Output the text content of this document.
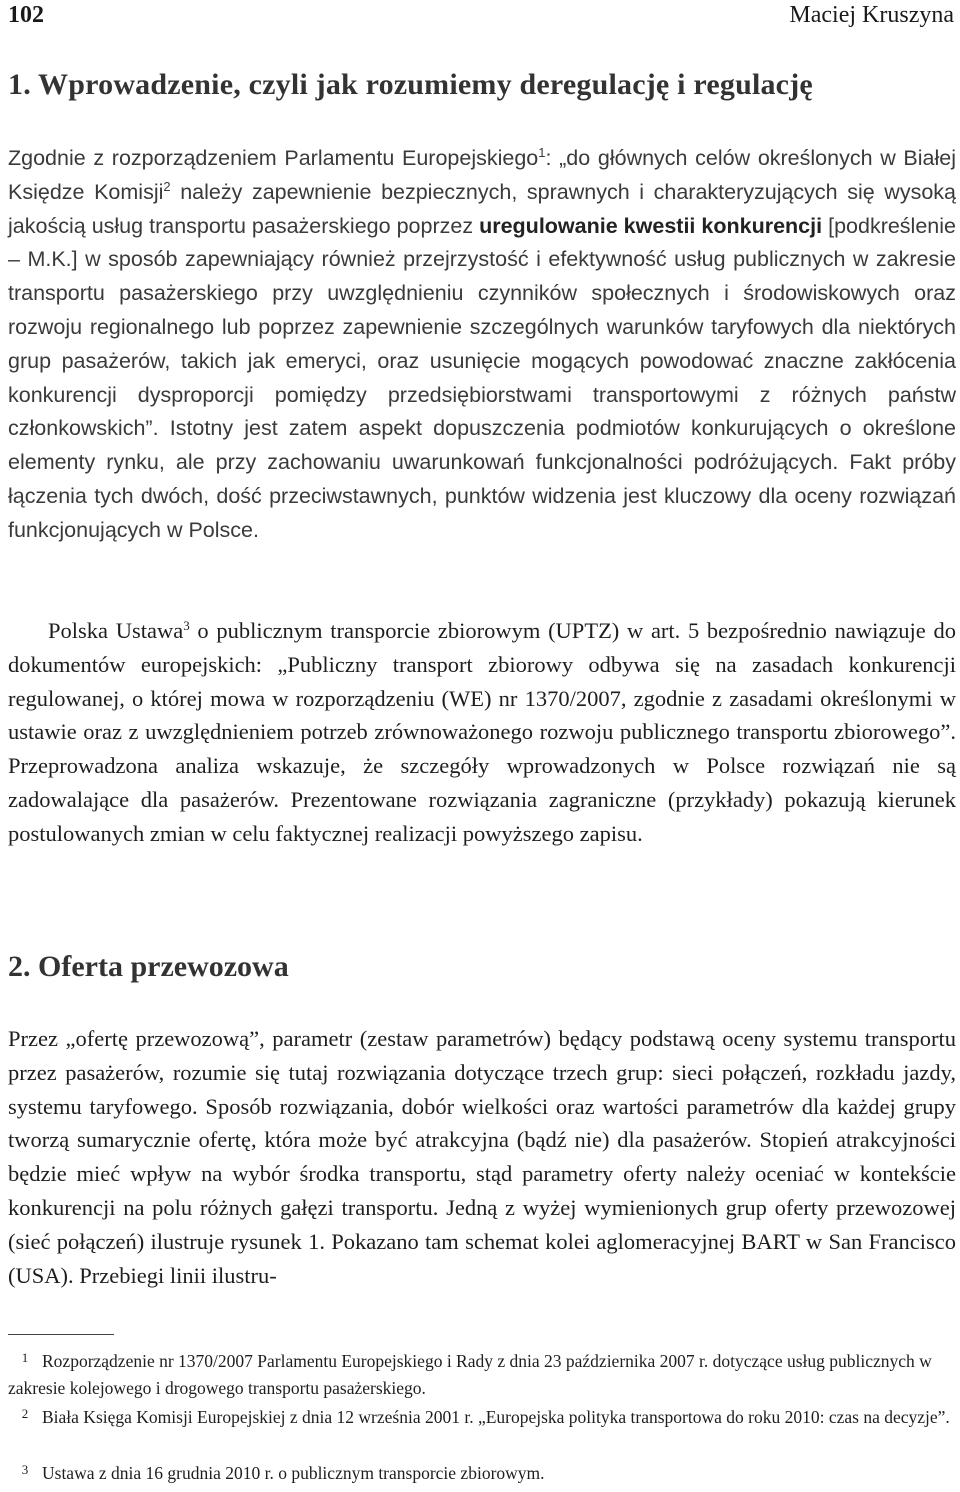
102	Maciej Kruszyna
1. Wprowadzenie, czyli jak rozumiemy deregulację i regulację

Zgodnie z rozporządzeniem Parlamentu Europejskiego$^1$: „do głównych celów określonych w Białej Księdze Komisji$^2$ należy zapewnienie bezpiecznych, sprawnych i charakteryzujących się wysoką jakością usług transportu pasażerskiego poprzez uregulowanie kwestii konkurencji [podkreślenie – M.K.] w sposób zapewniający również przejrzystość i efektywność usług publicznych w zakresie transportu pasażerskiego przy uwzględnieniu czynników społecznych i środowiskowych oraz rozwoju regionalnego lub poprzez zapewnienie szczególnych warunków taryfowych dla niektórych grup pasażerów, takich jak emeryci, oraz usunięcie mogących powodować znaczne zakłócenia konkurencji dysproporcji pomiędzy przedsiębiorstwami transportowymi z różnych państw członkowskich”. Istotny jest zatem aspekt dopuszczenia podmiotów konkurujących o określone elementy rynku, ale przy zachowaniu uwarunkowań funkcjonalności podróżujących. Fakt próby łączenia tych dwóch, dość przeciwstawnych, punktów widzenia jest kluczowy dla oceny rozwiązań funkcjonujących w Polsce.

Polska Ustawa$^3$ o publicznym transporcie zbiorowym (UPTZ) w art. 5 bezpośrednio nawiązuje do dokumentów europejskich: „Publiczny transport zbiorowy odbywa się na zasadach konkurencji regulowanej, o której mowa w rozporządzeniu (WE) nr 1370/2007, zgodnie z zasadami określonymi w ustawie oraz z uwzględnieniem potrzeb zrównoważonego rozwoju publicznego transportu zbiorowego”. Przeprowadzona analiza wskazuje, że szczegóły wprowadzonych w Polsce rozwiązań nie są zadowalające dla pasażerów. Prezentowane rozwiązania zagraniczne (przykłady) pokazują kierunek postulowanych zmian w celu faktycznej realizacji powyższego zapisu.

2. Oferta przewozowa

Przez „ofertę przewozową”, parametr (zestaw parametrów) będący podstawą oceny systemu transportu przez pasażerów, rozumie się tutaj rozwiązania dotyczące trzech grup: sieci połączeń, rozkładu jazdy, systemu taryfowego. Sposób rozwiązania, dobór wielkości oraz wartości parametrów dla każdej grupy tworzą sumarycznie ofertę, która może być atrakcyjna (bądź nie) dla pasażerów. Stopień atrakcyjności będzie mieć wpływ na wybór środka transportu, stąd parametry oferty należy oceniać w kontekście konkurencji na polu różnych gałęzi transportu. Jedną z wyżej wymienionych grup oferty przewozowej (sieć połączeń) ilustruje rysunek 1. Pokazano tam schemat kolei aglomeracyjnej BART w San Francisco (USA). Przebiegi linii ilustru-

1 Rozporządzenie nr 1370/2007 Parlamentu Europejskiego i Rady z dnia 23 października 2007 r. dotyczące usług publicznych w zakresie kolejowego i drogowego transportu pasażerskiego.

2 Biała Księga Komisji Europejskiej z dnia 12 września 2001 r. „Europejska polityka transportowa do roku 2010: czas na decyzje”.

3 Ustawa z dnia 16 grudnia 2010 r. o publicznym transporcie zbiorowym.
